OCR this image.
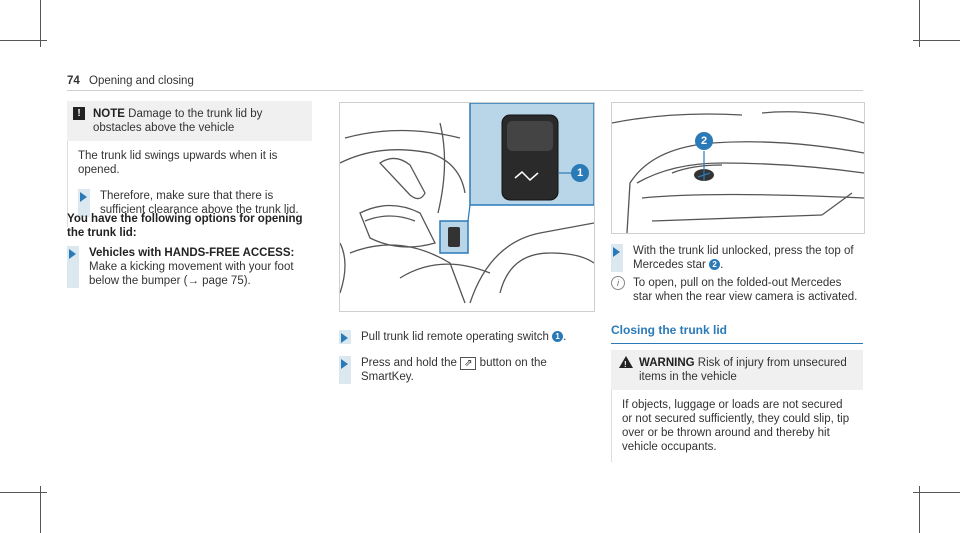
74 Opening and closing
!	NOTE Damage to the trunk lid by obstacles above the vehicle
The trunk lid swings upwards when it is opened.
Therefore, make sure that there is sufficient clearance above the trunk lid.
You have the following options for opening the trunk lid:
Vehicles with HANDS-FREE ACCESS: Make a kicking movement with your foot below the bumper (→ page 75).
1
Pull trunk lid remote operating switch 1 .
Press and hold the ⇗ button on the SmartKey.
2
With the trunk lid unlocked, press the top of Mercedes star 2 .
i	To open, pull on the folded-out Mercedes star when the rear view camera is activated.
Closing the trunk lid
! WARNING Risk of injury from unsecured items in the vehicle
If objects, luggage or loads are not secured or not secured sufficiently, they could slip, tip over or be thrown around and thereby hit vehicle occupants.
